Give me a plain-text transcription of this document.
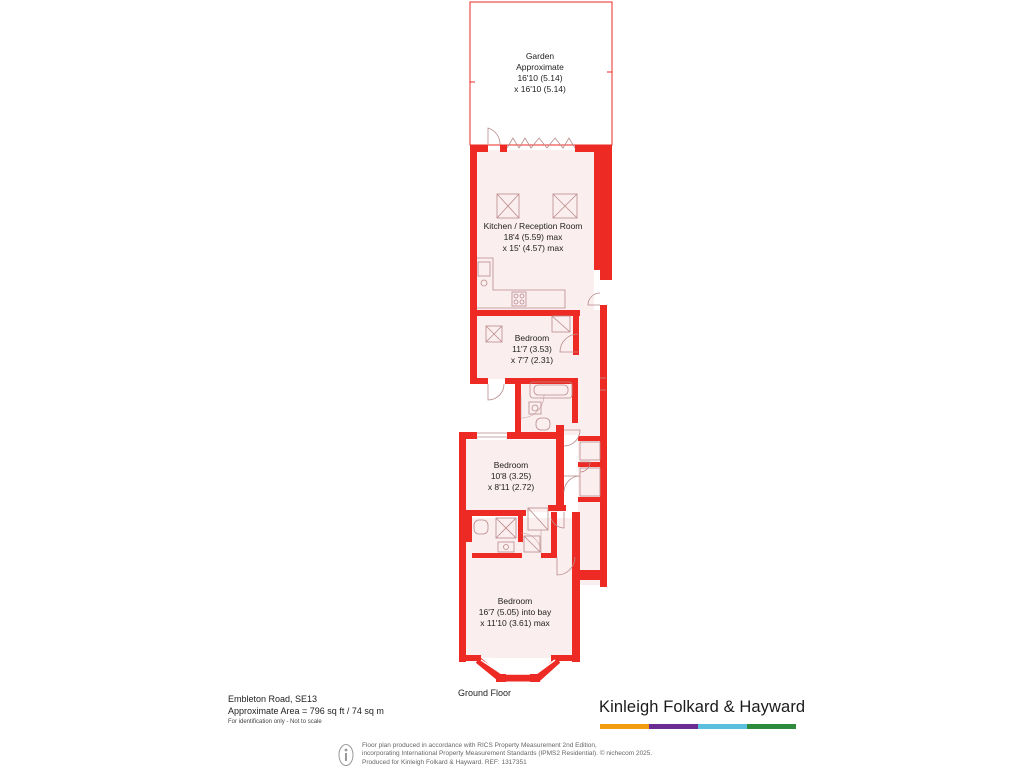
Garden
Approximate
16'10 (5.14)
x 16'10 (5.14)
Kitchen / Reception Room
18'4 (5.59) max
x 15' (4.57) max
Bedroom
11'7 (3.53)
x 7'7 (2.31)
Bedroom
10'8 (3.25)
x 8'11 (2.72)
Bedroom
16'7 (5.05) into bay
x 11'10 (3.61) max
Ground Floor
Embleton Road, SE13
Approximate Area = 796 sq ft / 74 sq m
For identification only - Not to scale
Kinleigh Folkard & Hayward
Floor plan produced in accordance with RICS Property Measurement 2nd Edition,
incorporating International Property Measurement Standards (IPMS2 Residential). © nichecom 2025.
Produced for Kinleigh Folkard & Hayward. REF: 1317351
